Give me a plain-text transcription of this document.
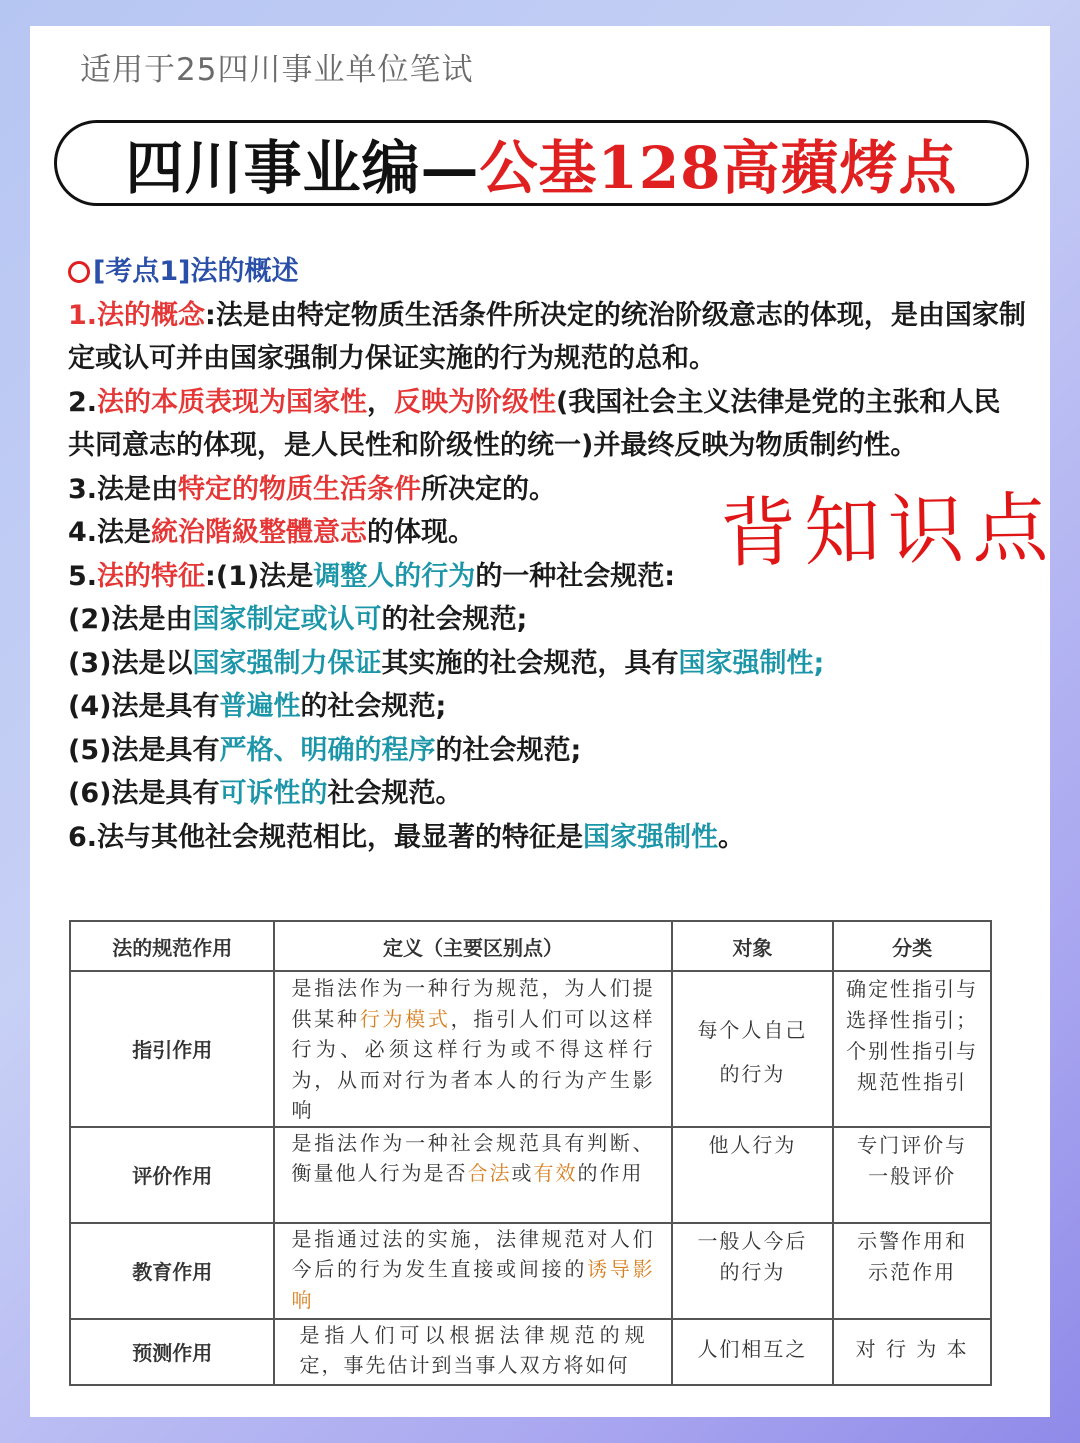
适用于25四川事业单位笔试
四川事业编— 公基128高蘋烤点

[考点1]法的概述

1.法的概念:法是由特定物质生活条件所决定的统治阶级意志的体现，是由国家制定或认可并由国家强制力保证实施的行为规范的总和。

2.法的本质表现为国家性，反映为阶级性(我国社会主义法律是党的主张和人民共同意志的体现，是人民性和阶级性的统一)并最终反映为物质制约性。

3.法是由特定的物质生活条件所决定的。

4.法是統治階級整體意志的体现。

5.法的特征:(1)法是调整人的行为的一种社会规范:

(2)法是由国家制定或认可的社会规范;

(3)法是以国家强制力保证其实施的社会规范，具有国家强制性;

(4)法是具有普遍性的社会规范;

(5)法是具有严格、明确的程序的社会规范;

(6)法是具有可诉性的社会规范。

6.法与其他社会规范相比，最显著的特征是国家强制性。

背知识点
法的规范作用	定义（主要区别点）	对象	分类
指引作用	是指法作为一种行为规范，为人们提供某种行为模式，指引人们可以这样行为、必须这样行为或不得这样行为，从而对行为者本人的行为产生影响	每个人自己的行为	确定性指引与选择性指引；个别性指引与规范性指引
评价作用	是指法作为一种社会规范具有判断、衡量他人行为是否合法或有效的作用	他人行为	专门评价与一般评价
教育作用	是指通过法的实施，法律规范对人们今后的行为发生直接或间接的诱导影响	一般人今后的行为	示警作用和示范作用
预测作用	是指人们可以根据法律规范的规定，事先估计到当事人双方将如何	人们相互之	对 行 为 本
